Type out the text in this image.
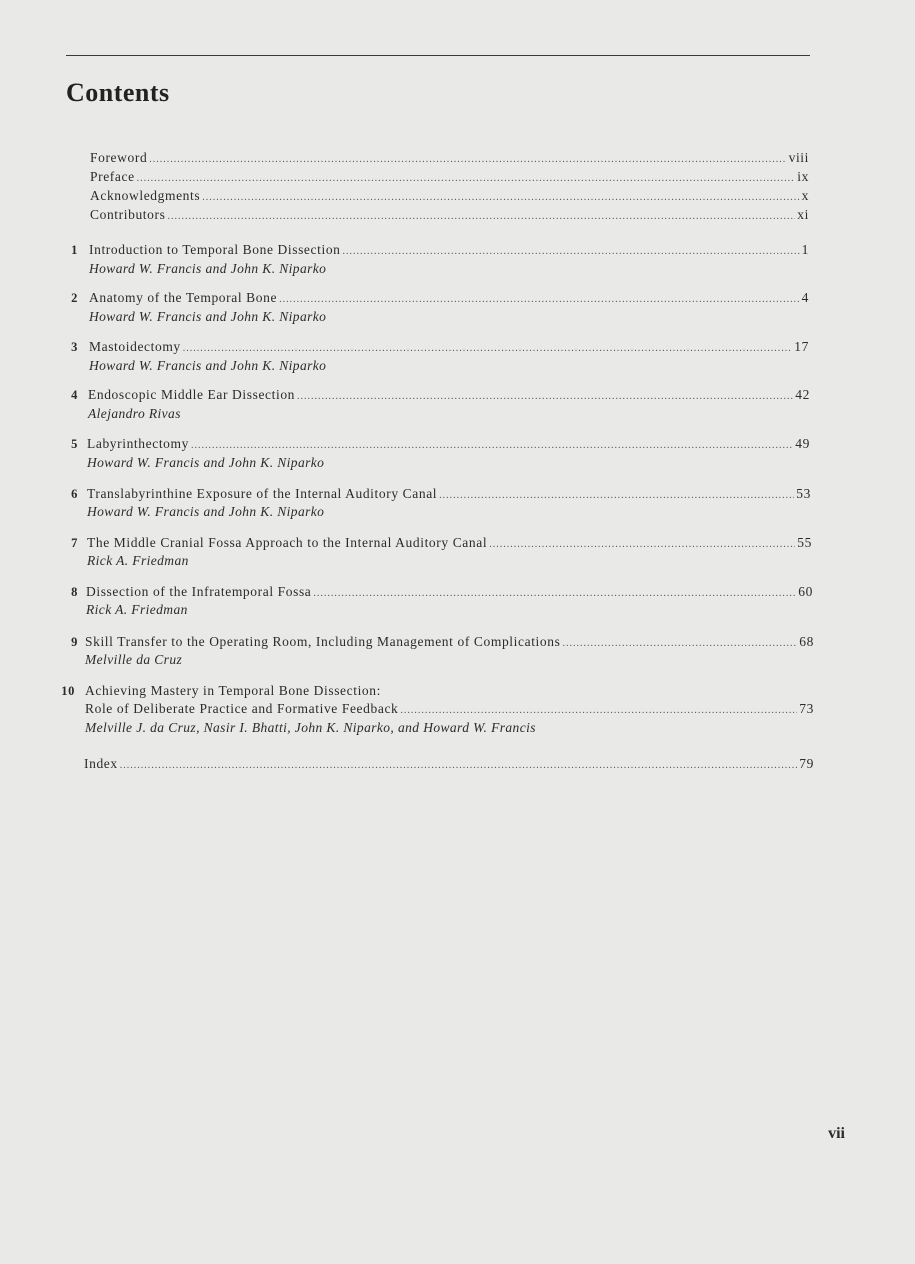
Contents
Foreword .....	viii
Preface .....	ix
Acknowledgments .....	x
Contributors .....	xi
1 Introduction to Temporal Bone Dissection .....	1
Howard W. Francis and John K. Niparko
2 Anatomy of the Temporal Bone .....	4
Howard W. Francis and John K. Niparko
3 Mastoidectomy .....	17
Howard W. Francis and John K. Niparko
4 Endoscopic Middle Ear Dissection .....	42
Alejandro Rivas
5 Labyrinthectomy .....	49
Howard W. Francis and John K. Niparko
6 Translabyrinthine Exposure of the Internal Auditory Canal .....	53
Howard W. Francis and John K. Niparko
7 The Middle Cranial Fossa Approach to the Internal Auditory Canal .....	55
Rick A. Friedman
8 Dissection of the Infratemporal Fossa .....	60
Rick A. Friedman
9 Skill Transfer to the Operating Room, Including Management of Complications .....	68
Melville da Cruz
10 Achieving Mastery in Temporal Bone Dissection:
Role of Deliberate Practice and Formative Feedback .....	73
Melville J. da Cruz, Nasir I. Bhatti, John K. Niparko, and Howard W. Francis
Index .....	79
vii
